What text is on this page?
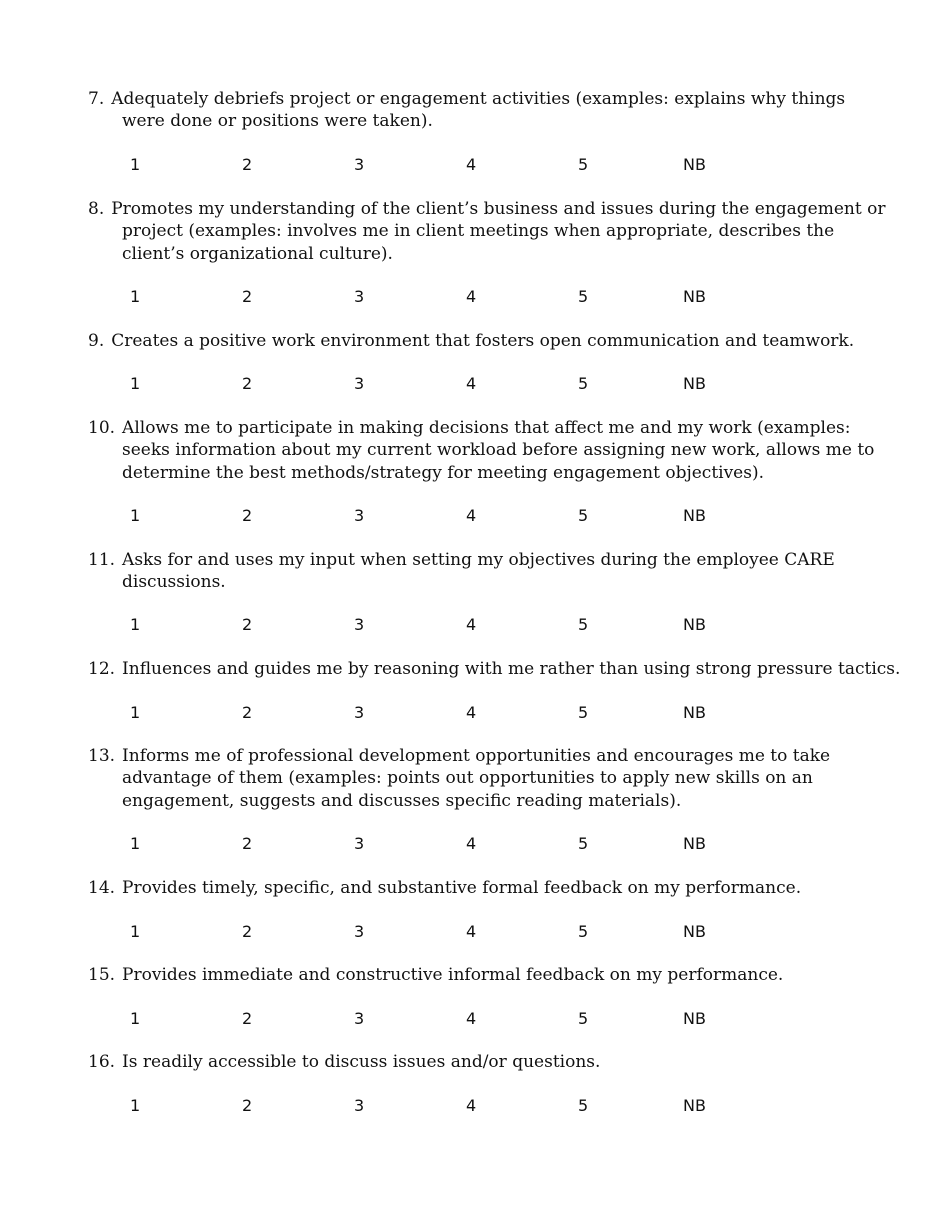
7. Adequately debriefs project or engagement activities (examples: explains why things
were done or positions were taken).
1	2	3	4	5	NB
8. Promotes my understanding of the client’s business and issues during the engagement or
project (examples: involves me in client meetings when appropriate, describes the
client’s organizational culture).
1	2	3	4	5	NB
9. Creates a positive work environment that fosters open communication and teamwork.
1	2	3	4	5	NB
10. Allows me to participate in making decisions that affect me and my work (examples:
seeks information about my current workload before assigning new work, allows me to
determine the best methods/strategy for meeting engagement objectives).
1	2	3	4	5	NB
11. Asks for and uses my input when setting my objectives during the employee CARE
discussions.
1	2	3	4	5	NB
12. Influences and guides me by reasoning with me rather than using strong pressure tactics.
1	2	3	4	5	NB
13. Informs me of professional development opportunities and encourages me to take
advantage of them (examples: points out opportunities to apply new skills on an
engagement, suggests and discusses specific reading materials).
1	2	3	4	5	NB
14. Provides timely, specific, and substantive formal feedback on my performance.
1	2	3	4	5	NB
15. Provides immediate and constructive informal feedback on my performance.
1	2	3	4	5	NB
16. Is readily accessible to discuss issues and/or questions.
1	2	3	4	5	NB
